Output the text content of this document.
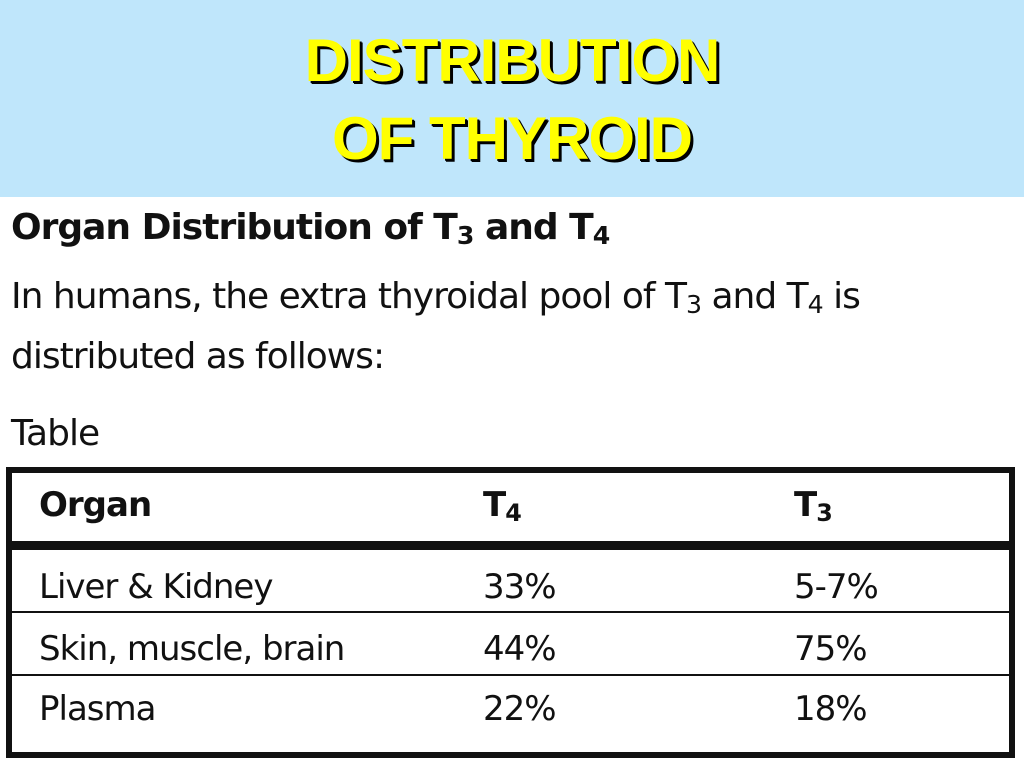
DISTRIBUTION
OF THYROID
Organ Distribution of $T_3$ and $T_4$
In humans, the extra thyroidal pool of $T_3$ and $T_4$ is
distributed as follows:
Table
Organ	$T_4$	$T_3$
Liver & Kidney	33%	5-7%
Skin, muscle, brain	44%	75%
Plasma	22%	18%
